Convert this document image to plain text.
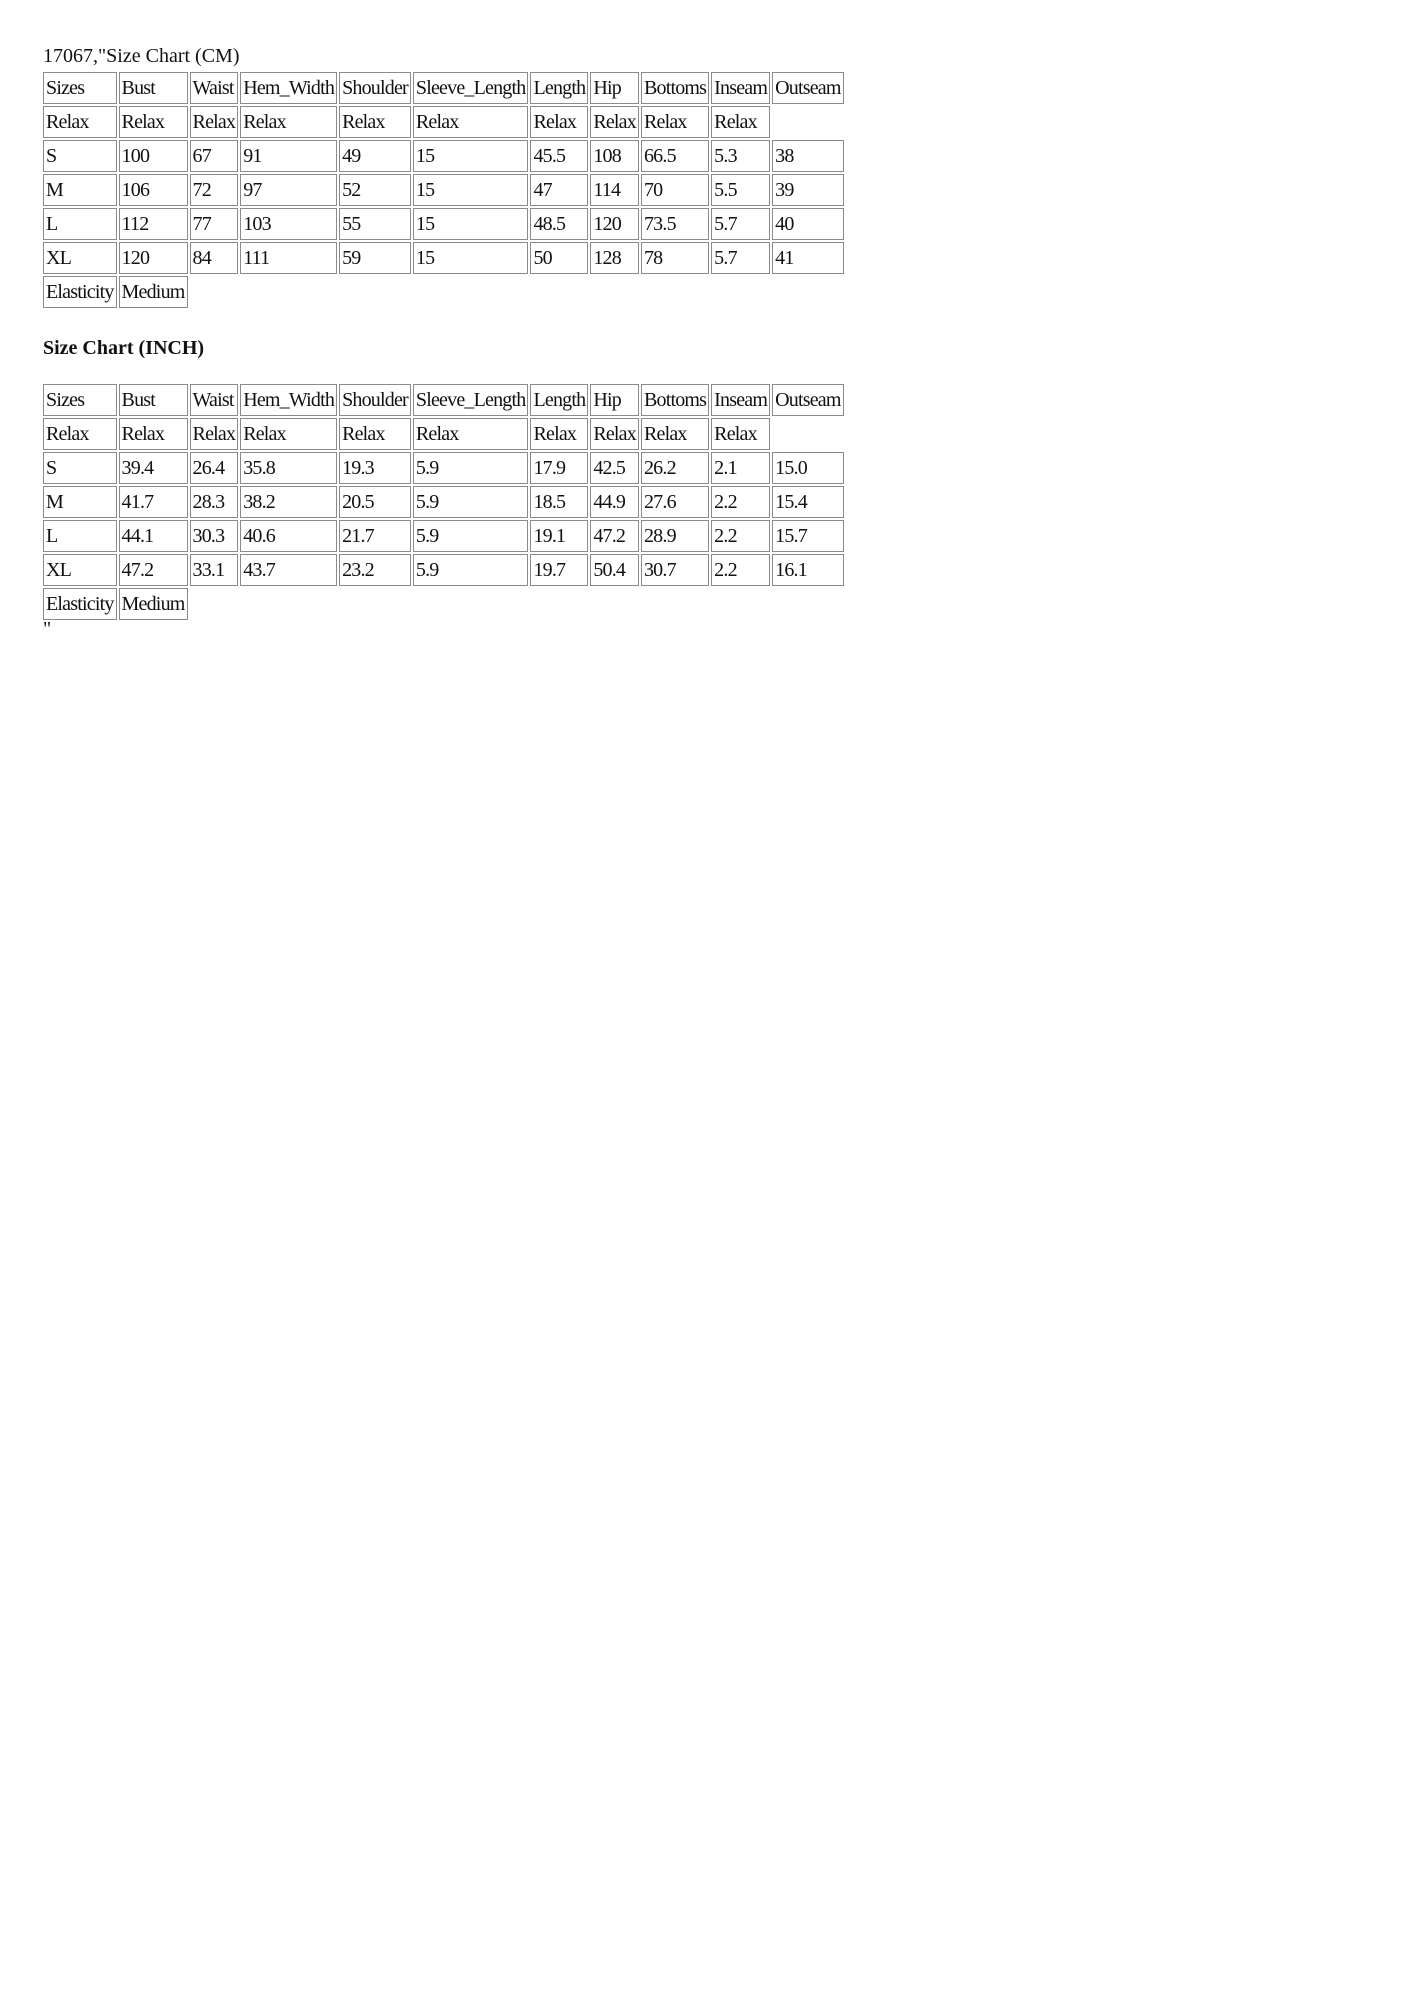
17067,"Size Chart (CM)
Sizes	Bust	Waist	Hem_Width	Shoulder	Sleeve_Length	Length	Hip	Bottoms	Inseam	Outseam
Relax	Relax	Relax	Relax	Relax	Relax	Relax	Relax	Relax	Relax	
S	100	67	91	49	15	45.5	108	66.5	5.3	38
M	106	72	97	52	15	47	114	70	5.5	39
L	112	77	103	55	15	48.5	120	73.5	5.7	40
XL	120	84	111	59	15	50	128	78	5.7	41
Elasticity	Medium									
Size Chart (INCH)
Sizes	Bust	Waist	Hem_Width	Shoulder	Sleeve_Length	Length	Hip	Bottoms	Inseam	Outseam
Relax	Relax	Relax	Relax	Relax	Relax	Relax	Relax	Relax	Relax	
S	39.4	26.4	35.8	19.3	5.9	17.9	42.5	26.2	2.1	15.0
M	41.7	28.3	38.2	20.5	5.9	18.5	44.9	27.6	2.2	15.4
L	44.1	30.3	40.6	21.7	5.9	19.1	47.2	28.9	2.2	15.7
XL	47.2	33.1	43.7	23.2	5.9	19.7	50.4	30.7	2.2	16.1
Elasticity	Medium									
"
